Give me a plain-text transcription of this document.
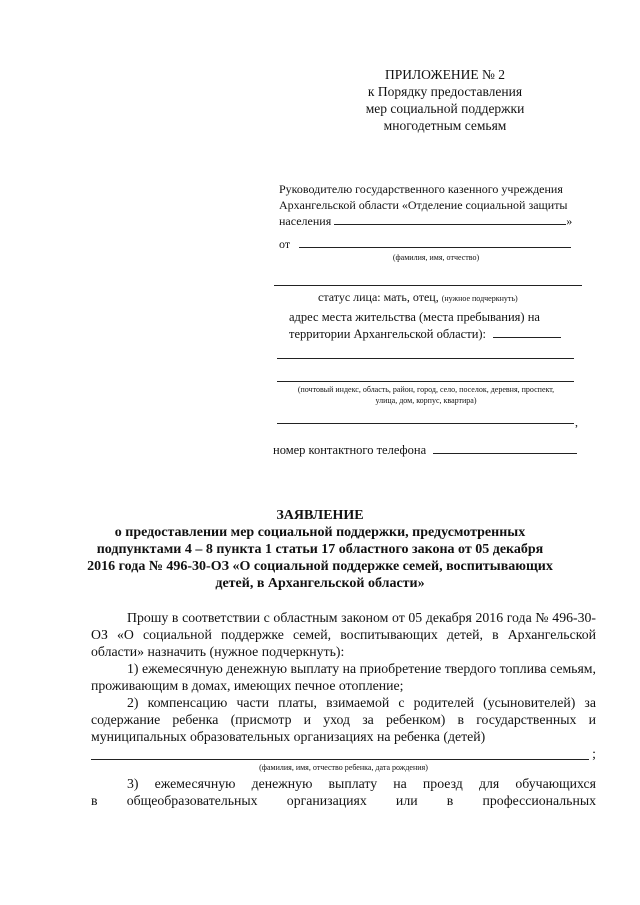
ПРИЛОЖЕНИЕ № 2
к Порядку предоставления
мер социальной поддержки
многодетным семьям
Руководителю государственного казенного учреждения
Архангельской области «Отделение социальной защиты
населения	»
от
(фамилия, имя, отчество)
статус лица: мать, отец, (нужное подчеркнуть)
адрес места жительства (места пребывания) на
территории Архангельской области):
(почтовый индекс, область, район, город, село, поселок, деревня, проспект,
улица, дом, корпус, квартира)
,
номер контактного телефона
ЗАЯВЛЕНИЕ
о предоставлении мер социальной поддержки, предусмотренных
подпунктами 4 – 8 пункта 1 статьи 17 областного закона от 05 декабря
2016 года № 496-30-ОЗ «О социальной поддержке семей, воспитывающих
детей, в Архангельской области»

Прошу в соответствии с областным законом от 05 декабря 2016 года № 496-30-ОЗ «О социальной поддержке семей, воспитывающих детей, в Архангельской области» назначить (нужное подчеркнуть):

1) ежемесячную денежную выплату на приобретение твердого топлива семьям, проживающим в домах, имеющих печное отопление;

2) компенсацию части платы, взимаемой с родителей (усыновителей) за содержание ребенка (присмотр и уход за ребенком) в государственных и муниципальных образовательных организациях на ребенка (детей)

;
(фамилия, имя, отчество ребенка, дата рождения)

3) ежемесячную денежную выплату на проезд для обучающихся

в общеобразовательных организациях или в профессиональных
